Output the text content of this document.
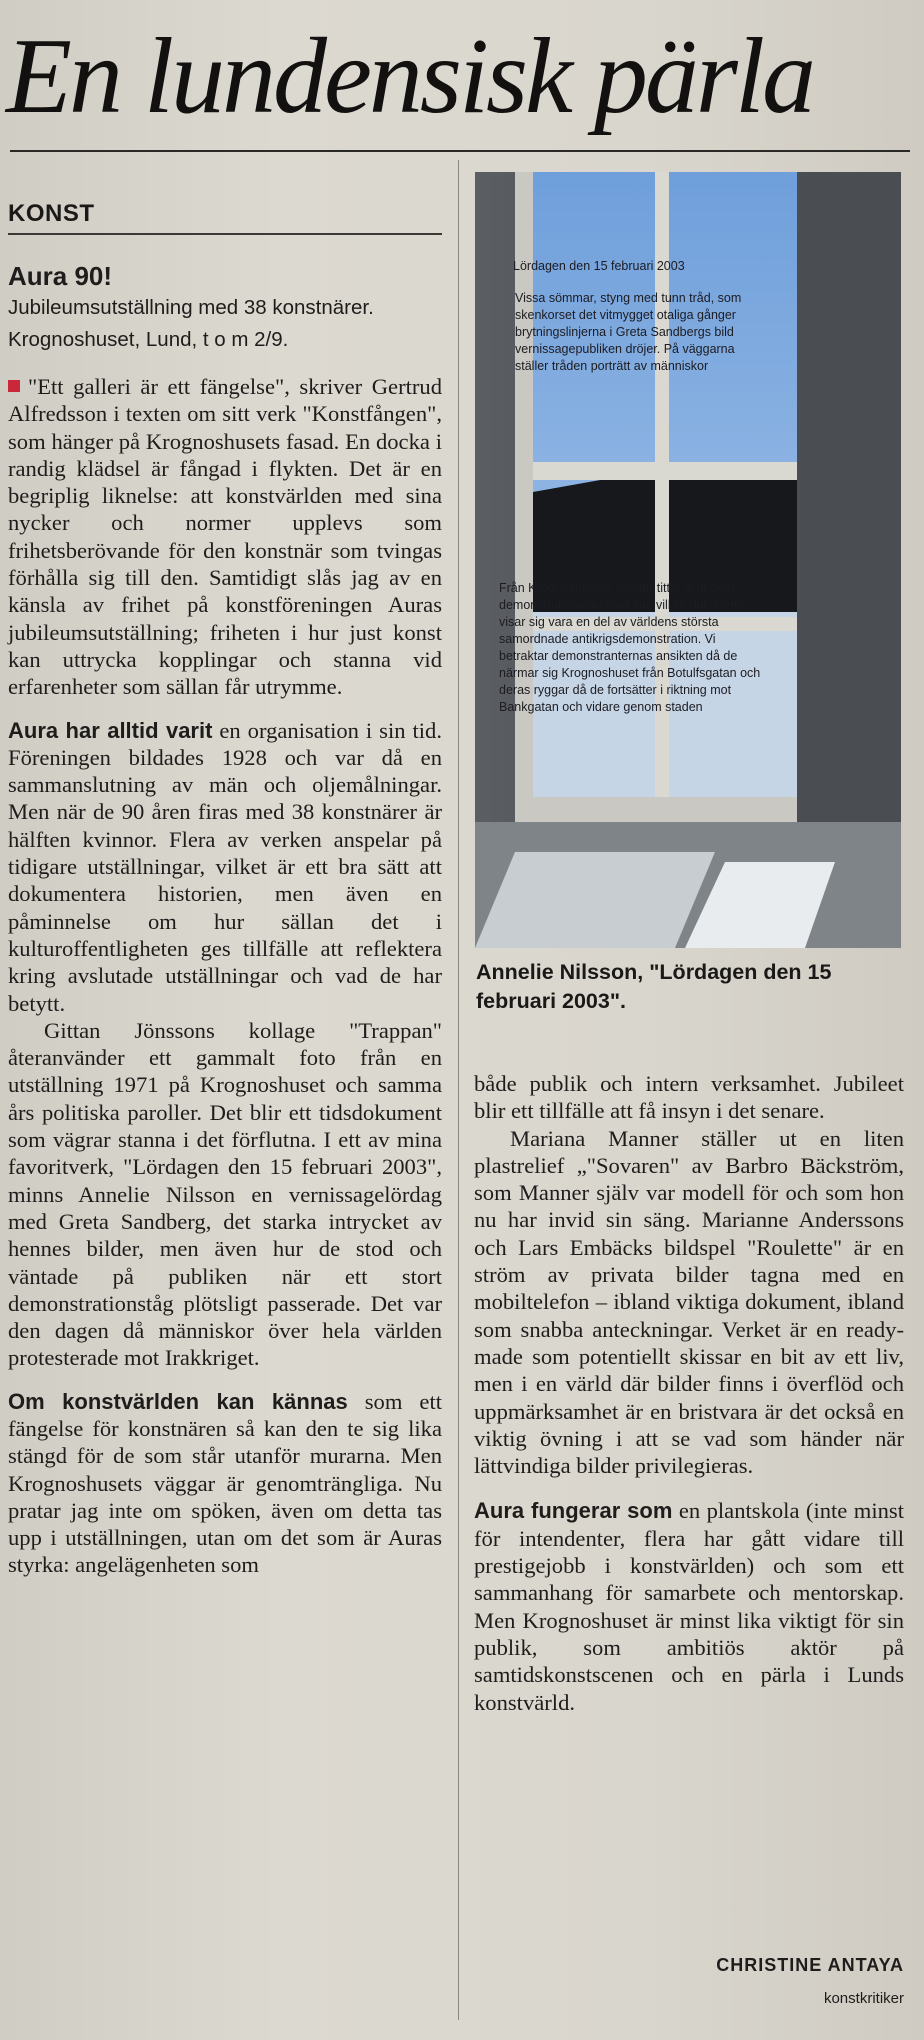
En lundensisk pärla
KONST
Aura 90!
Jubileumsutställning med 38 konstnärer.
Krognoshuset, Lund, t o m 2/9.

"Ett galleri är ett fängelse", skriver Gertrud Alfredsson i texten om sitt verk "Konstfången", som hänger på Krognoshusets fasad. En docka i randig klädsel är fångad i flykten. Det är en begriplig liknelse: att konstvärlden med sina nycker och normer upplevs som frihetsberövande för den konstnär som tvingas förhålla sig till den. Samtidigt slås jag av en känsla av frihet på konstföreningen Auras jubileumsutställning; friheten i hur just konst kan uttrycka kopplingar och stanna vid erfarenheter som sällan får utrymme.

Aura har alltid varit en organisation i sin tid. Föreningen bildades 1928 och var då en sammanslutning av män och oljemålningar. Men när de 90 åren firas med 38 konstnärer är hälften kvinnor. Flera av verken anspelar på tidigare utställningar, vilket är ett bra sätt att dokumentera historien, men även en påminnelse om hur sällan det i kulturoffentligheten ges tillfälle att reflektera kring avslutade utställningar och vad de har betytt.

Gittan Jönssons kollage "Trappan" återanvänder ett gammalt foto från en utställning 1971 på Krognoshuset och samma års politiska paroller. Det blir ett tidsdokument som vägrar stanna i det förflutna. I ett av mina favoritverk, "Lördagen den 15 februari 2003", minns Annelie Nilsson en vernissagelördag med Greta Sandberg, det starka intrycket av hennes bilder, men även hur de stod och väntade på publiken när ett stort demonstrationståg plötsligt passerade. Det var den dagen då människor över hela världen protesterade mot Irakkriget.

Om konstvärlden kan kännas som ett fängelse för konstnären så kan den te sig lika stängd för de som står utanför murarna. Men Krognoshusets väggar är genomträngliga. Nu pratar jag inte om spöken, även om detta tas upp i utställningen, utan om det som är Auras styrka: angelägenheten som

Lördagen den 15 februari 2003
Vissa sömmar, styng med tunn tråd, som
skenkorset det vitmygget otaliga gånger
brytningslinjerna i Greta Sandbergs bild
vernissagepubliken dröjer. På väggarna
ställer tråden porträtt av människor
Från Krognoshusets fönster tittar vi ut över
demonstrationståg som inte vill ta slut. Detta
visar sig vara en del av världens största
samordnade antikrigsdemonstration. Vi
betraktar demonstranternas ansikten då de
närmar sig Krognoshuset från Botulfsgatan och
deras ryggar då de fortsätter i riktning mot
Bankgatan och vidare genom staden
Annelie Nilsson, "Lördagen den 15 februari 2003".

både publik och intern verksamhet. Jubileet blir ett tillfälle att få insyn i det senare.

Mariana Manner ställer ut en liten plastrelief „"Sovaren" av Barbro Bäckström, som Manner själv var modell för och som hon nu har invid sin säng. Marianne Anderssons och Lars Embäcks bildspel "Roulette" är en ström av privata bilder tagna med en mobiltelefon – ibland viktiga dokument, ibland som snabba anteckningar. Verket är en ready-made som potentiellt skissar en bit av ett liv, men i en värld där bilder finns i överflöd och uppmärksamhet är en bristvara är det också en viktig övning i att se vad som händer när lättvindiga bilder privilegieras.

Aura fungerar som en plantskola (inte minst för intendenter, flera har gått vidare till prestigejobb i konstvärlden) och som ett sammanhang för samarbete och mentorskap. Men Krognoshuset är minst lika viktigt för sin publik, som ambitiös aktör på samtidskonstscenen och en pärla i Lunds konstvärld.

CHRISTINE ANTAYA
konstkritiker
